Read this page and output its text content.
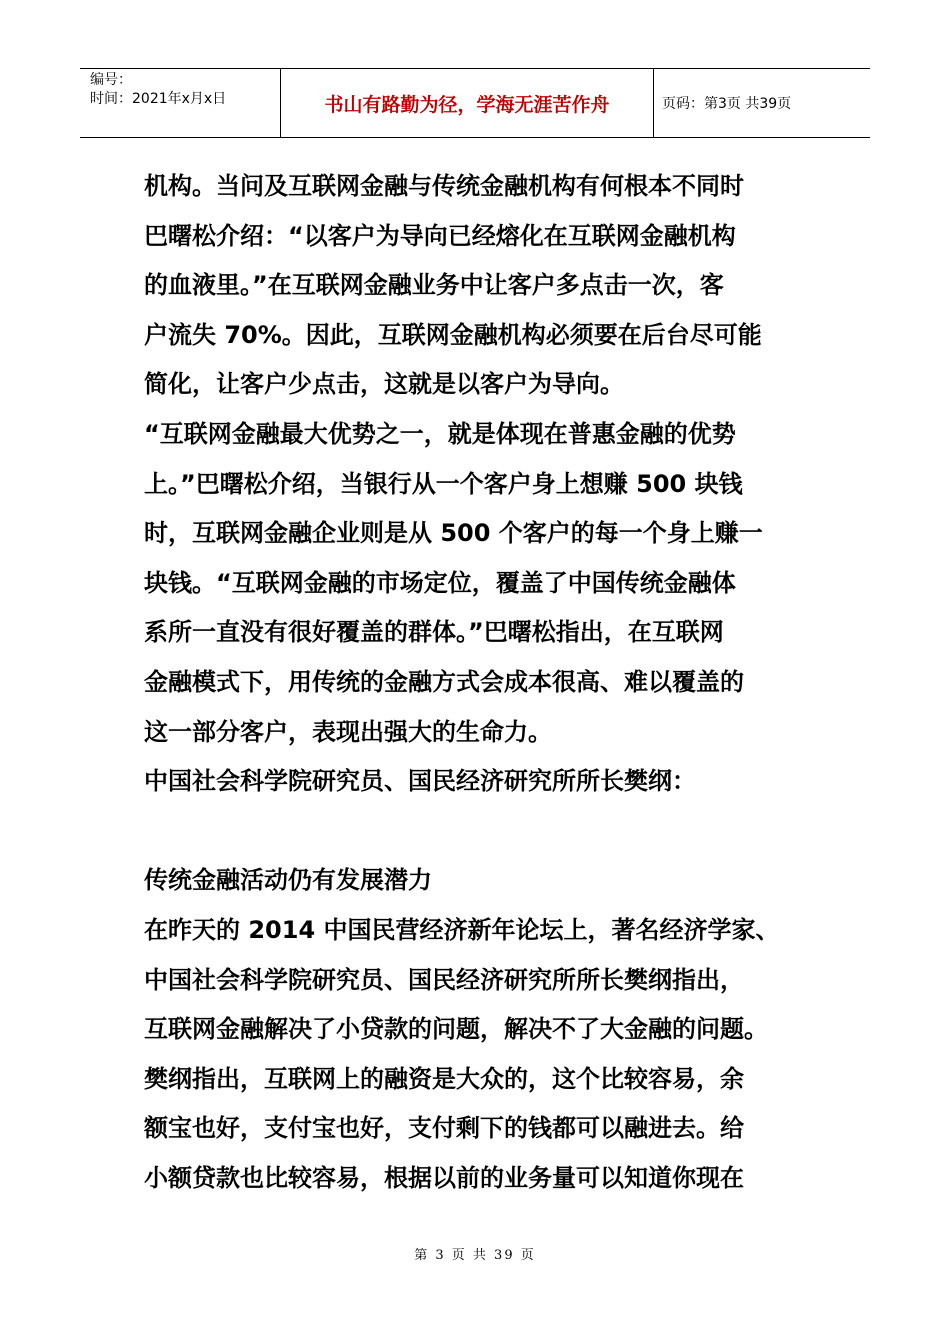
编号：
时间：2021年x月x日	书山有路勤为径，学海无涯苦作舟	页码：第3页 共39页
机构。当问及互联网金融与传统金融机构有何根本不同时
巴曙松介绍：“以客户为导向已经熔化在互联网金融机构
的血液里。”在互联网金融业务中让客户多点击一次，客
户流失 70%。因此，互联网金融机构必须要在后台尽可能
简化，让客户少点击，这就是以客户为导向。
“互联网金融最大优势之一，就是体现在普惠金融的优势
上。”巴曙松介绍，当银行从一个客户身上想赚 500 块钱
时，互联网金融企业则是从 500 个客户的每一个身上赚一
块钱。“互联网金融的市场定位，覆盖了中国传统金融体
系所一直没有很好覆盖的群体。”巴曙松指出，在互联网
金融模式下，用传统的金融方式会成本很高、难以覆盖的
这一部分客户，表现出强大的生命力。
中国社会科学院研究员、国民经济研究所所长樊纲：
传统金融活动仍有发展潜力
在昨天的 2014 中国民营经济新年论坛上，著名经济学家、
中国社会科学院研究员、国民经济研究所所长樊纲指出，
互联网金融解决了小贷款的问题，解决不了大金融的问题。
樊纲指出，互联网上的融资是大众的，这个比较容易，余
额宝也好，支付宝也好，支付剩下的钱都可以融进去。给
小额贷款也比较容易，根据以前的业务量可以知道你现在
第 3 页 共 39 页
